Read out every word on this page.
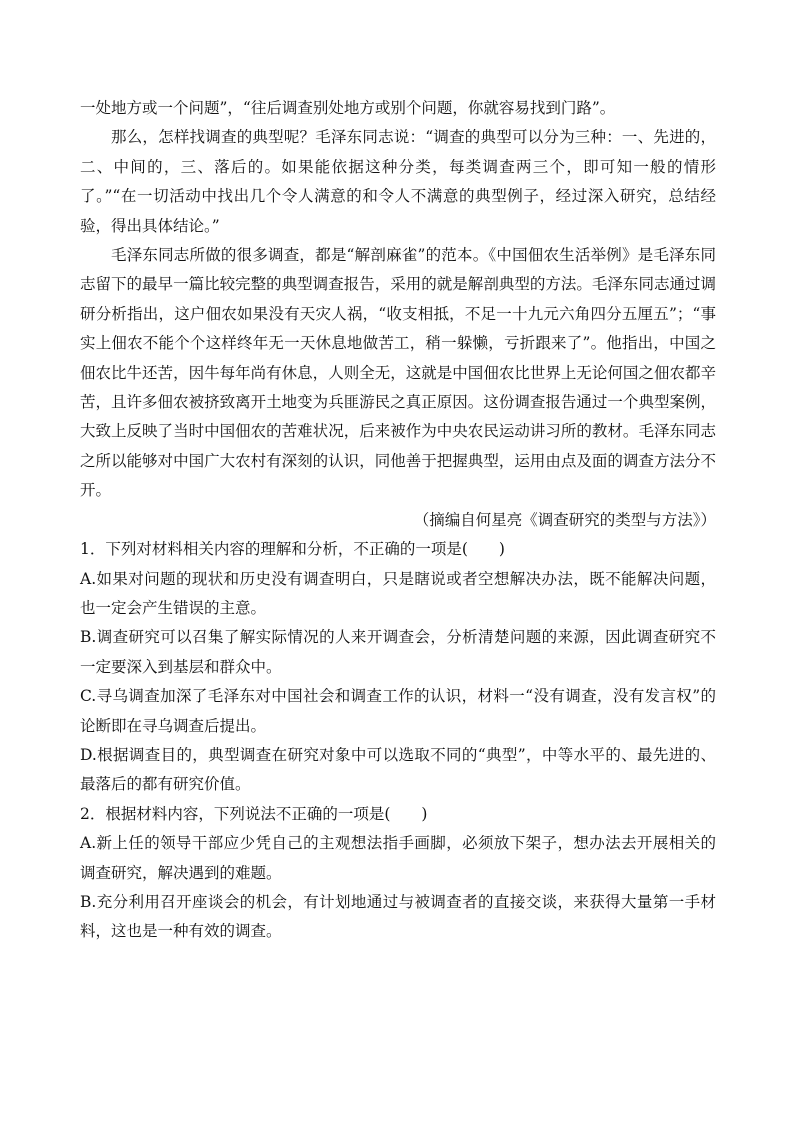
一处地方或一个问题”，“往后调查别处地方或别个问题，你就容易找到门路”。

那么，怎样找调查的典型呢？毛泽东同志说：“调查的典型可以分为三种：一、先进的，二、中间的，三、落后的。如果能依据这种分类，每类调查两三个，即可知一般的情形了。”“在一切活动中找出几个令人满意的和令人不满意的典型例子，经过深入研究，总结经验，得出具体结论。”

毛泽东同志所做的很多调查，都是“解剖麻雀”的范本。《中国佃农生活举例》是毛泽东同志留下的最早一篇比较完整的典型调查报告，采用的就是解剖典型的方法。毛泽东同志通过调研分析指出，这户佃农如果没有天灾人祸，“收支相抵，不足一十九元六角四分五厘五”；“事实上佃农不能个个这样终年无一天休息地做苦工，稍一躲懒，亏折跟来了”。他指出，中国之佃农比牛还苦，因牛每年尚有休息，人则全无，这就是中国佃农比世界上无论何国之佃农都辛苦，且许多佃农被挤致离开土地变为兵匪游民之真正原因。这份调查报告通过一个典型案例，大致上反映了当时中国佃农的苦难状况，后来被作为中央农民运动讲习所的教材。毛泽东同志之所以能够对中国广大农村有深刻的认识，同他善于把握典型，运用由点及面的调查方法分不开。

（摘编自何星亮《调查研究的类型与方法》）

1．下列对材料相关内容的理解和分析，不正确的一项是(　　)

A.如果对问题的现状和历史没有调查明白，只是瞎说或者空想解决办法，既不能解决问题，也一定会产生错误的主意。

B.调查研究可以召集了解实际情况的人来开调查会，分析清楚问题的来源，因此调查研究不一定要深入到基层和群众中。

C.寻乌调查加深了毛泽东对中国社会和调查工作的认识，材料一“没有调查，没有发言权”的论断即在寻乌调查后提出。

D.根据调查目的，典型调查在研究对象中可以选取不同的“典型”，中等水平的、最先进的、最落后的都有研究价值。

2．根据材料内容，下列说法不正确的一项是(　　)

A.新上任的领导干部应少凭自己的主观想法指手画脚，必须放下架子，想办法去开展相关的调查研究，解决遇到的难题。

B.充分利用召开座谈会的机会，有计划地通过与被调查者的直接交谈，来获得大量第一手材料，这也是一种有效的调查。
